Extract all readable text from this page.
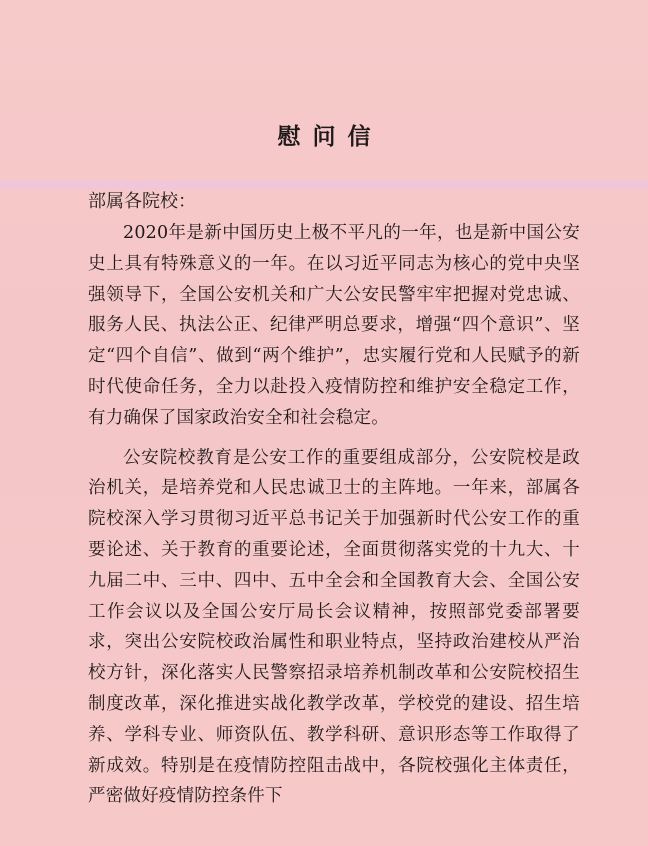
慰问信

部属各院校：

2020年是新中国历史上极不平凡的一年，也是新中国公安史上具有特殊意义的一年。在以习近平同志为核心的党中央坚强领导下，全国公安机关和广大公安民警牢牢把握对党忠诚、服务人民、执法公正、纪律严明总要求，增强“四个意识”、坚定“四个自信”、做到“两个维护”，忠实履行党和人民赋予的新时代使命任务，全力以赴投入疫情防控和维护安全稳定工作，有力确保了国家政治安全和社会稳定。

公安院校教育是公安工作的重要组成部分，公安院校是政治机关，是培养党和人民忠诚卫士的主阵地。一年来，部属各院校深入学习贯彻习近平总书记关于加强新时代公安工作的重要论述、关于教育的重要论述，全面贯彻落实党的十九大、十九届二中、三中、四中、五中全会和全国教育大会、全国公安工作会议以及全国公安厅局长会议精神，按照部党委部署要求，突出公安院校政治属性和职业特点，坚持政治建校从严治校方针，深化落实人民警察招录培养机制改革和公安院校招生制度改革，深化推进实战化教学改革，学校党的建设、招生培养、学科专业、师资队伍、教学科研、意识形态等工作取得了新成效。特别是在疫情防控阻击战中，各院校强化主体责任，严密做好疫情防控条件下
